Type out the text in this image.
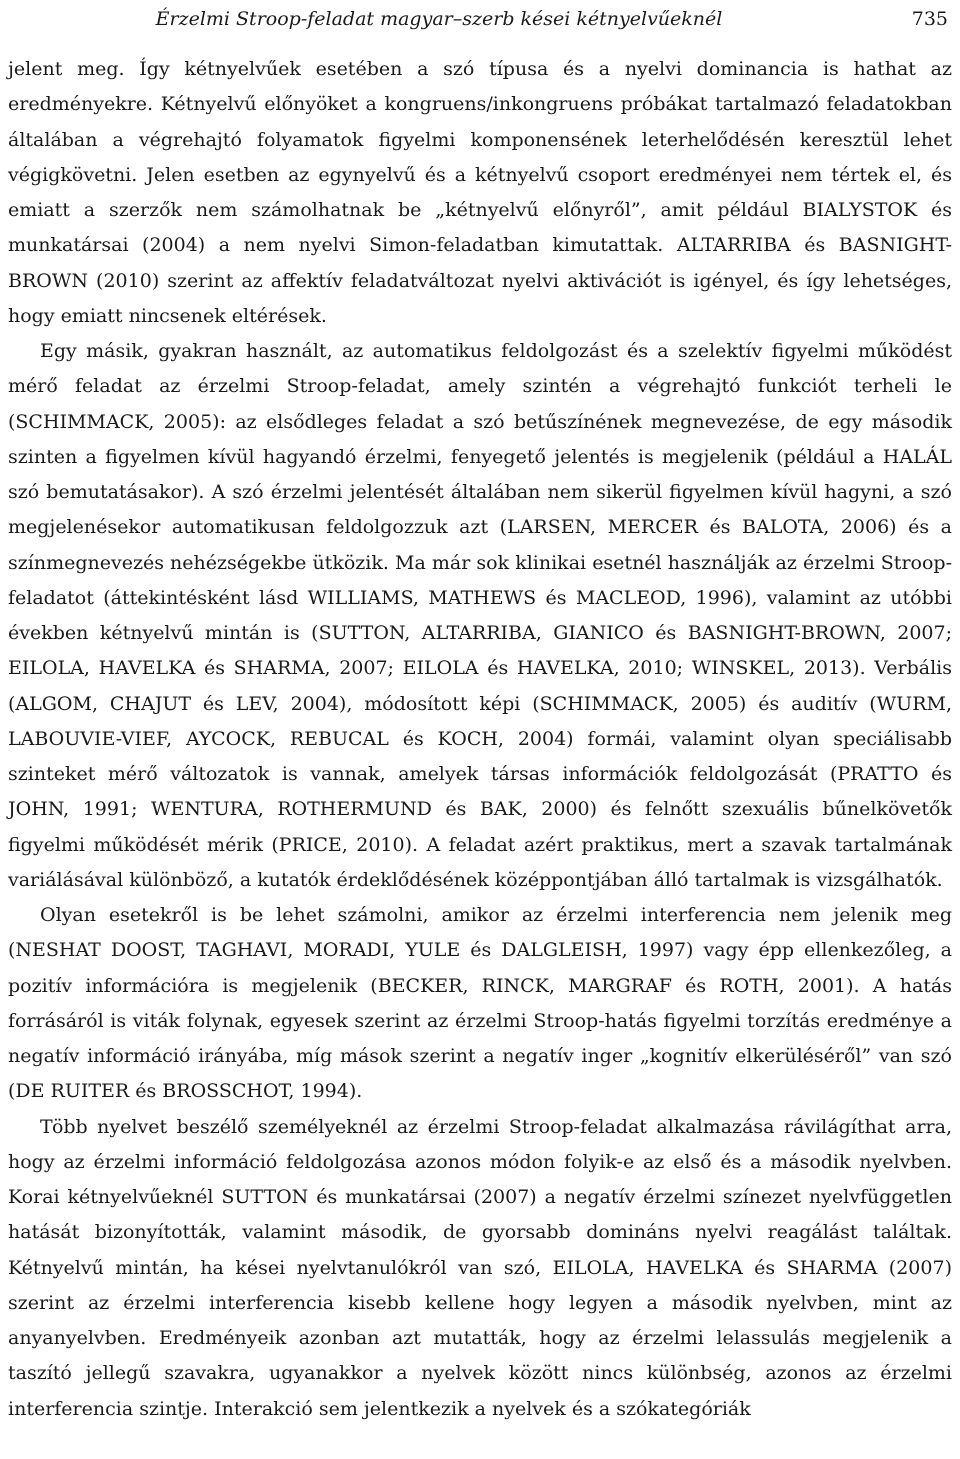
Érzelmi Stroop-feladat magyar–szerb kései kétnyelvűeknél	735

jelent meg. Így kétnyelvűek esetében a szó típusa és a nyelvi dominancia is hathat az eredményekre. Kétnyelvű előnyöket a kongruens/inkongruens próbákat tartalmazó feladatokban általában a végrehajtó folyamatok figyelmi komponensének leterhelődésén keresztül lehet végigkövetni. Jelen esetben az egynyelvű és a kétnyelvű csoport eredményei nem tértek el, és emiatt a szerzők nem számolhatnak be „kétnyelvű előnyről”, amit például BIALYSTOK és munkatársai (2004) a nem nyelvi Simon-feladatban kimutattak. ALTARRIBA és BASNIGHT-BROWN (2010) szerint az affektív feladatváltozat nyelvi aktivációt is igényel, és így lehetséges, hogy emiatt nincsenek eltérések.

Egy másik, gyakran használt, az automatikus feldolgozást és a szelektív figyelmi működést mérő feladat az érzelmi Stroop-feladat, amely szintén a végrehajtó funkciót terheli le (SCHIMMACK, 2005): az elsődleges feladat a szó betűszínének megnevezése, de egy második szinten a figyelmen kívül hagyandó érzelmi, fenyegető jelentés is megjelenik (például a HALÁL szó bemutatásakor). A szó érzelmi jelentését általában nem sikerül figyelmen kívül hagyni, a szó megjelenésekor automatikusan feldolgozzuk azt (LARSEN, MERCER és BALOTA, 2006) és a színmegnevezés nehézségekbe ütközik. Ma már sok klinikai esetnél használják az érzelmi Stroop-feladatot (áttekintésként lásd WILLIAMS, MATHEWS és MACLEOD, 1996), valamint az utóbbi években kétnyelvű mintán is (SUTTON, ALTARRIBA, GIANICO és BASNIGHT-BROWN, 2007; EILOLA, HAVELKA és SHARMA, 2007; EILOLA és HAVELKA, 2010; WINSKEL, 2013). Verbális (ALGOM, CHAJUT és LEV, 2004), módosított képi (SCHIMMACK, 2005) és auditív (WURM, LABOUVIE-VIEF, AYCOCK, REBUCAL és KOCH, 2004) formái, valamint olyan speciálisabb szinteket mérő változatok is vannak, amelyek társas információk feldolgozását (PRATTO és JOHN, 1991; WENTURA, ROTHERMUND és BAK, 2000) és felnőtt szexuális bűnelkövetők figyelmi működését mérik (PRICE, 2010). A feladat azért praktikus, mert a szavak tartalmának variálásával különböző, a kutatók érdeklődésének középpontjában álló tartalmak is vizsgálhatók.

Olyan esetekről is be lehet számolni, amikor az érzelmi interferencia nem jelenik meg (NESHAT DOOST, TAGHAVI, MORADI, YULE és DALGLEISH, 1997) vagy épp ellenkezőleg, a pozitív információra is megjelenik (BECKER, RINCK, MARGRAF és ROTH, 2001). A hatás forrásáról is viták folynak, egyesek szerint az érzelmi Stroop-hatás figyelmi torzítás eredménye a negatív információ irányába, míg mások szerint a negatív inger „kognitív elkerüléséről” van szó (DE RUITER és BROSSCHOT, 1994).

Több nyelvet beszélő személyeknél az érzelmi Stroop-feladat alkalmazása rávilágíthat arra, hogy az érzelmi információ feldolgozása azonos módon folyik-e az első és a második nyelvben. Korai kétnyelvűeknél SUTTON és munkatársai (2007) a negatív érzelmi színezet nyelvfüggetlen hatását bizonyították, valamint második, de gyorsabb domináns nyelvi reagálást találtak. Kétnyelvű mintán, ha kései nyelvtanulókról van szó, EILOLA, HAVELKA és SHARMA (2007) szerint az érzelmi interferencia kisebb kellene hogy legyen a második nyelvben, mint az anyanyelvben. Eredményeik azonban azt mutatták, hogy az érzelmi lelassulás megjelenik a taszító jellegű szavakra, ugyanakkor a nyelvek között nincs különbség, azonos az érzelmi interferencia szintje. Interakció sem jelentkezik a nyelvek és a szókategóriák
